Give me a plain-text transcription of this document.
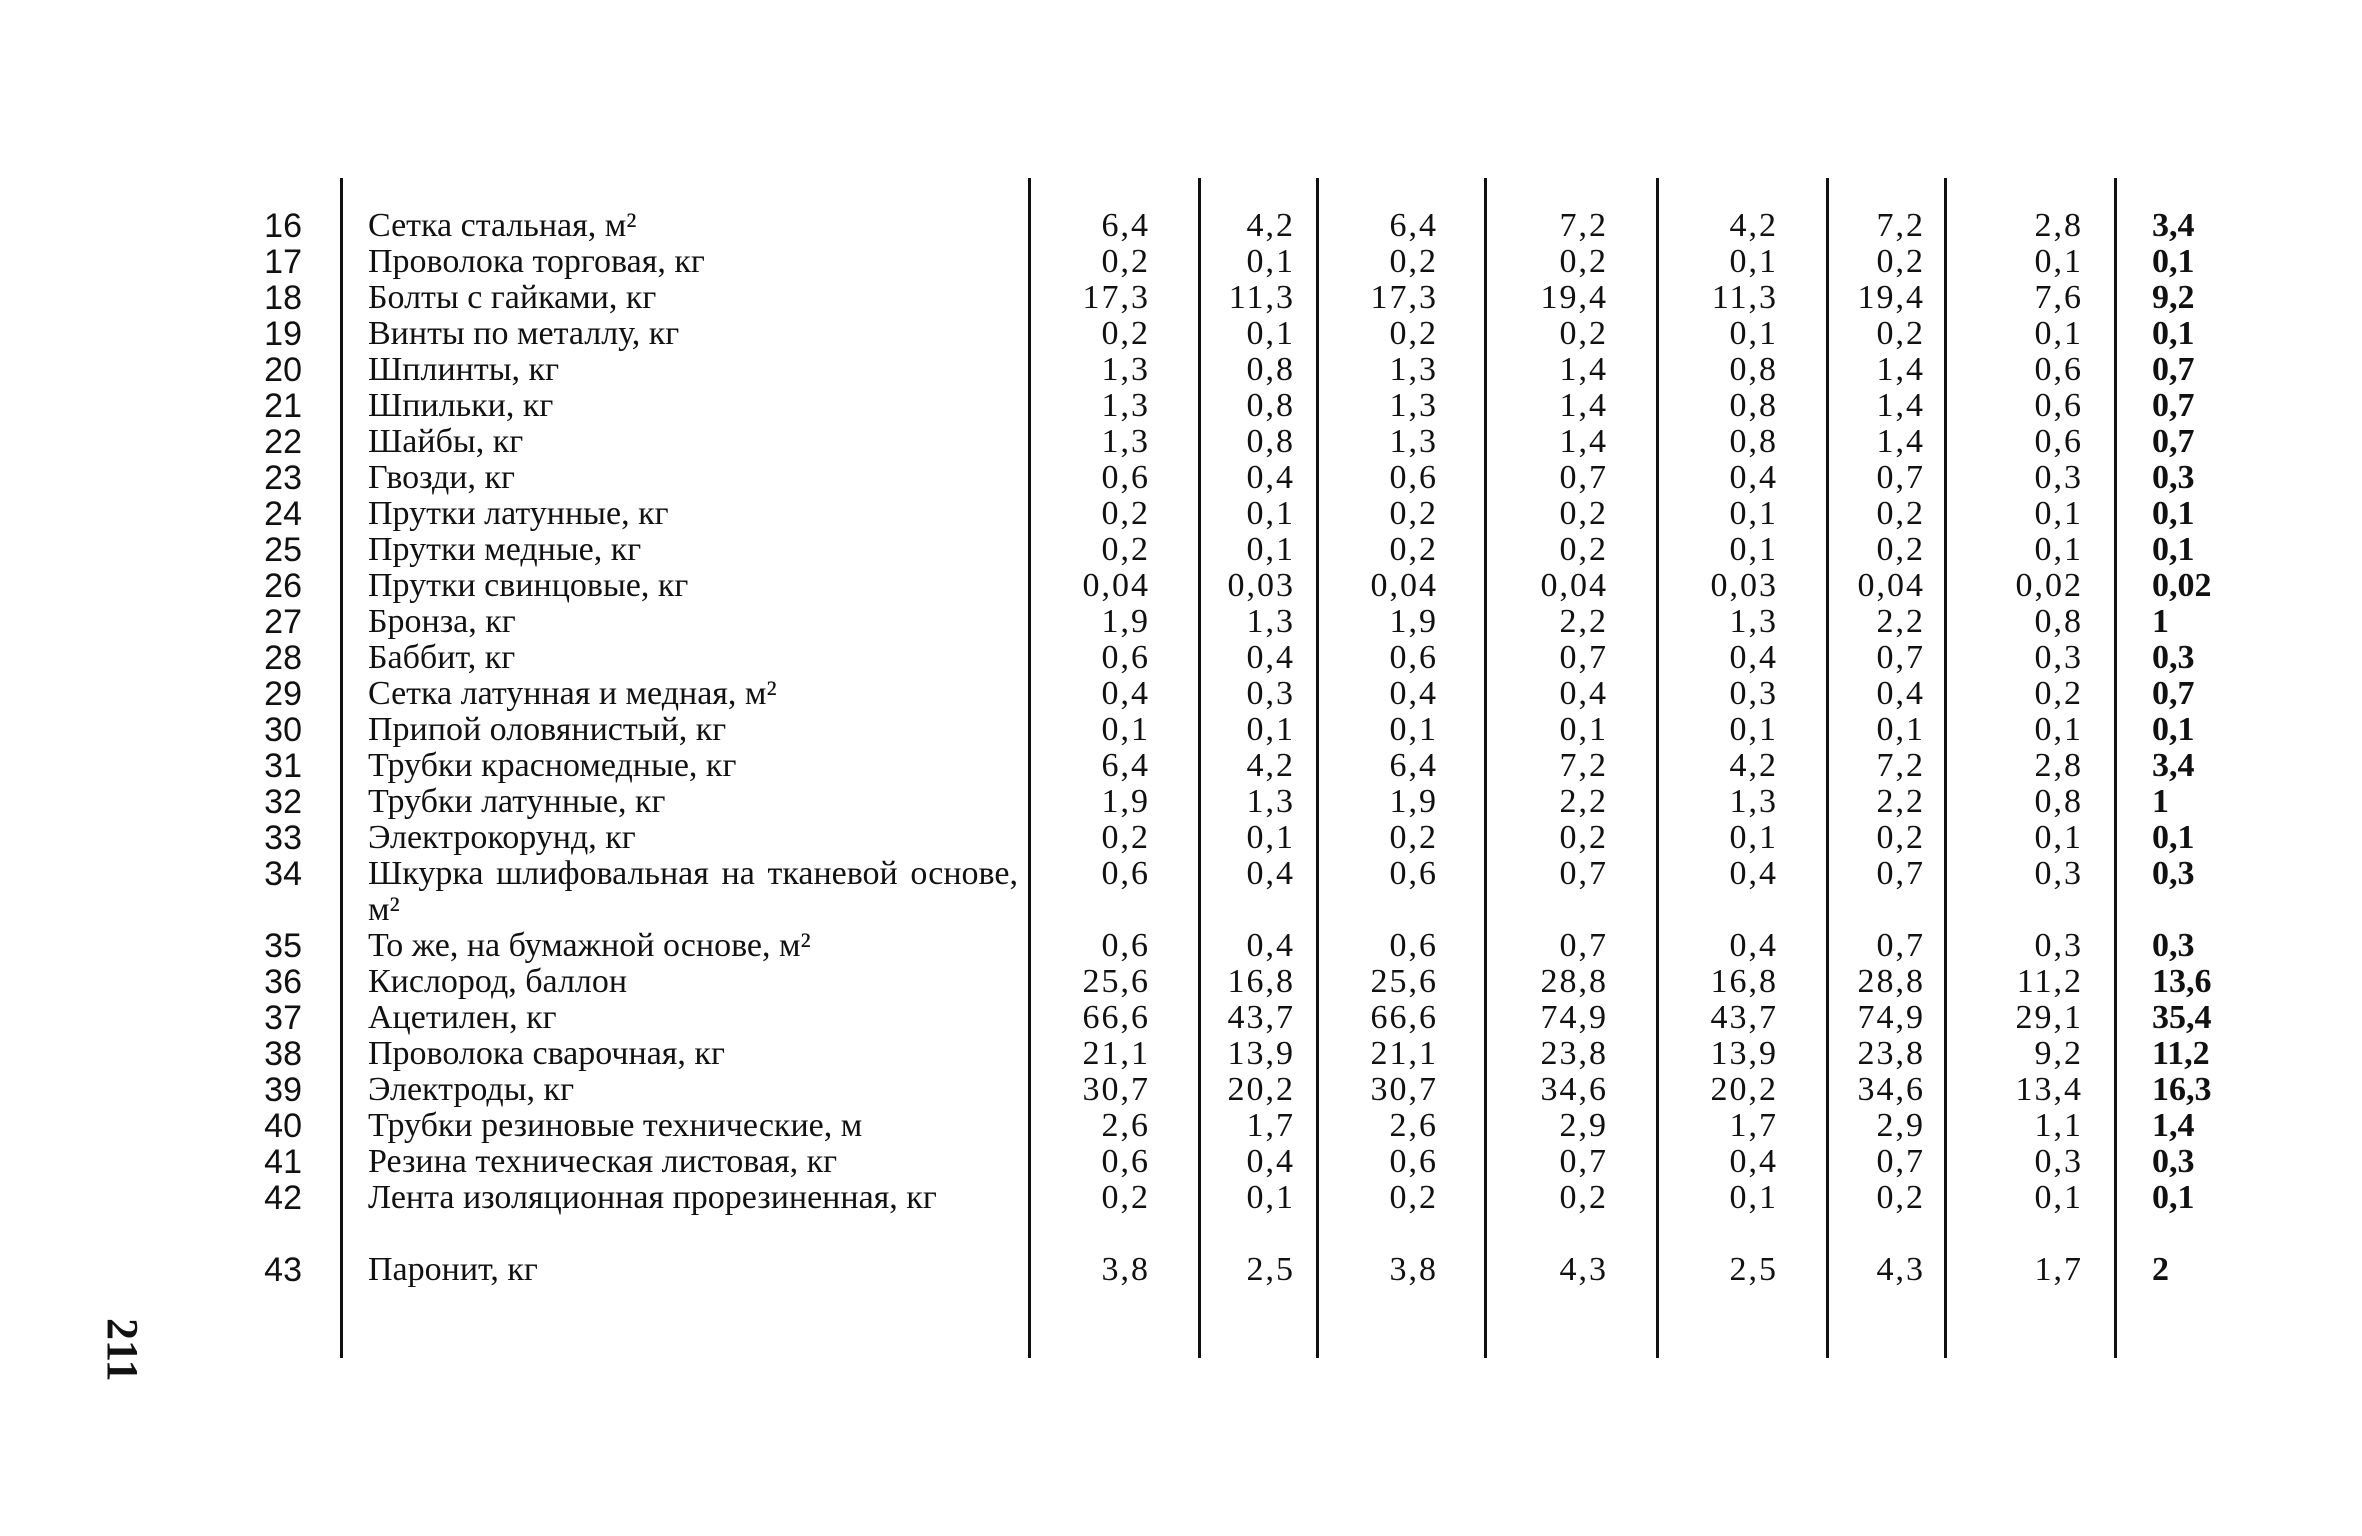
16 Сетка стальная, м²	6,4	4,2	6,4	7,2	4,2	7,2	2,8 3,4
17 Проволока торговая, кг	0,2	0,1	0,2	0,2	0,1	0,2	0,1 0,1
18 Болты с гайками, кг	17,3	11,3	17,3	19,4	11,3	19,4	7,6 9,2
19 Винты по металлу, кг	0,2	0,1	0,2	0,2	0,1	0,2	0,1 0,1
20 Шплинты, кг	1,3	0,8	1,3	1,4	0,8	1,4	0,6 0,7
21 Шпильки, кг	1,3	0,8	1,3	1,4	0,8	1,4	0,6 0,7
22 Шайбы, кг	1,3	0,8	1,3	1,4	0,8	1,4	0,6 0,7
23 Гвозди, кг	0,6	0,4	0,6	0,7	0,4	0,7	0,3 0,3
24 Прутки латунные, кг	0,2	0,1	0,2	0,2	0,1	0,2	0,1 0,1
25 Прутки медные, кг	0,2	0,1	0,2	0,2	0,1	0,2	0,1 0,1
26 Прутки свинцовые, кг	0,04	0,03	0,04	0,04	0,03	0,04	0,02 0,02
27 Бронза, кг	1,9	1,3	1,9	2,2	1,3	2,2	0,8 1
28 Баббит, кг	0,6	0,4	0,6	0,7	0,4	0,7	0,3 0,3
29 Сетка латунная и медная, м²	0,4	0,3	0,4	0,4	0,3	0,4	0,2 0,7
30 Припой оловянистый, кг	0,1	0,1	0,1	0,1	0,1	0,1	0,1 0,1
31 Трубки красномедные, кг	6,4	4,2	6,4	7,2	4,2	7,2	2,8 3,4
32 Трубки латунные, кг	1,9	1,3	1,9	2,2	1,3	2,2	0,8 1
33 Электрокорунд, кг	0,2	0,1	0,2	0,2	0,1	0,2	0,1 0,1
34 Шкурка шлифовальная на тканевой основе, м²
0,6	0,4	0,6	0,7	0,4	0,7	0,3 0,3
35 То же, на бумажной основе, м²	0,6	0,4	0,6	0,7	0,4	0,7	0,3 0,3
36 Кислород, баллон	25,6	16,8	25,6	28,8	16,8	28,8	11,2 13,6
37 Ацетилен, кг	66,6	43,7	66,6	74,9	43,7	74,9	29,1 35,4
38 Проволока сварочная, кг	21,1	13,9	21,1	23,8	13,9	23,8	9,2 11,2
39 Электроды, кг	30,7	20,2	30,7	34,6	20,2	34,6	13,4 16,3
40 Трубки резиновые технические, м	2,6	1,7	2,6	2,9	1,7	2,9	1,1 1,4
41 Резина техническая листовая, кг	0,6	0,4	0,6	0,7	0,4	0,7	0,3 0,3
42 Лента изоляционная прорезиненная, кг	0,2	0,1	0,2	0,2	0,1	0,2	0,1 0,1
43 Паронит, кг	3,8	2,5	3,8	4,3	2,5	4,3	1,7 2
211
